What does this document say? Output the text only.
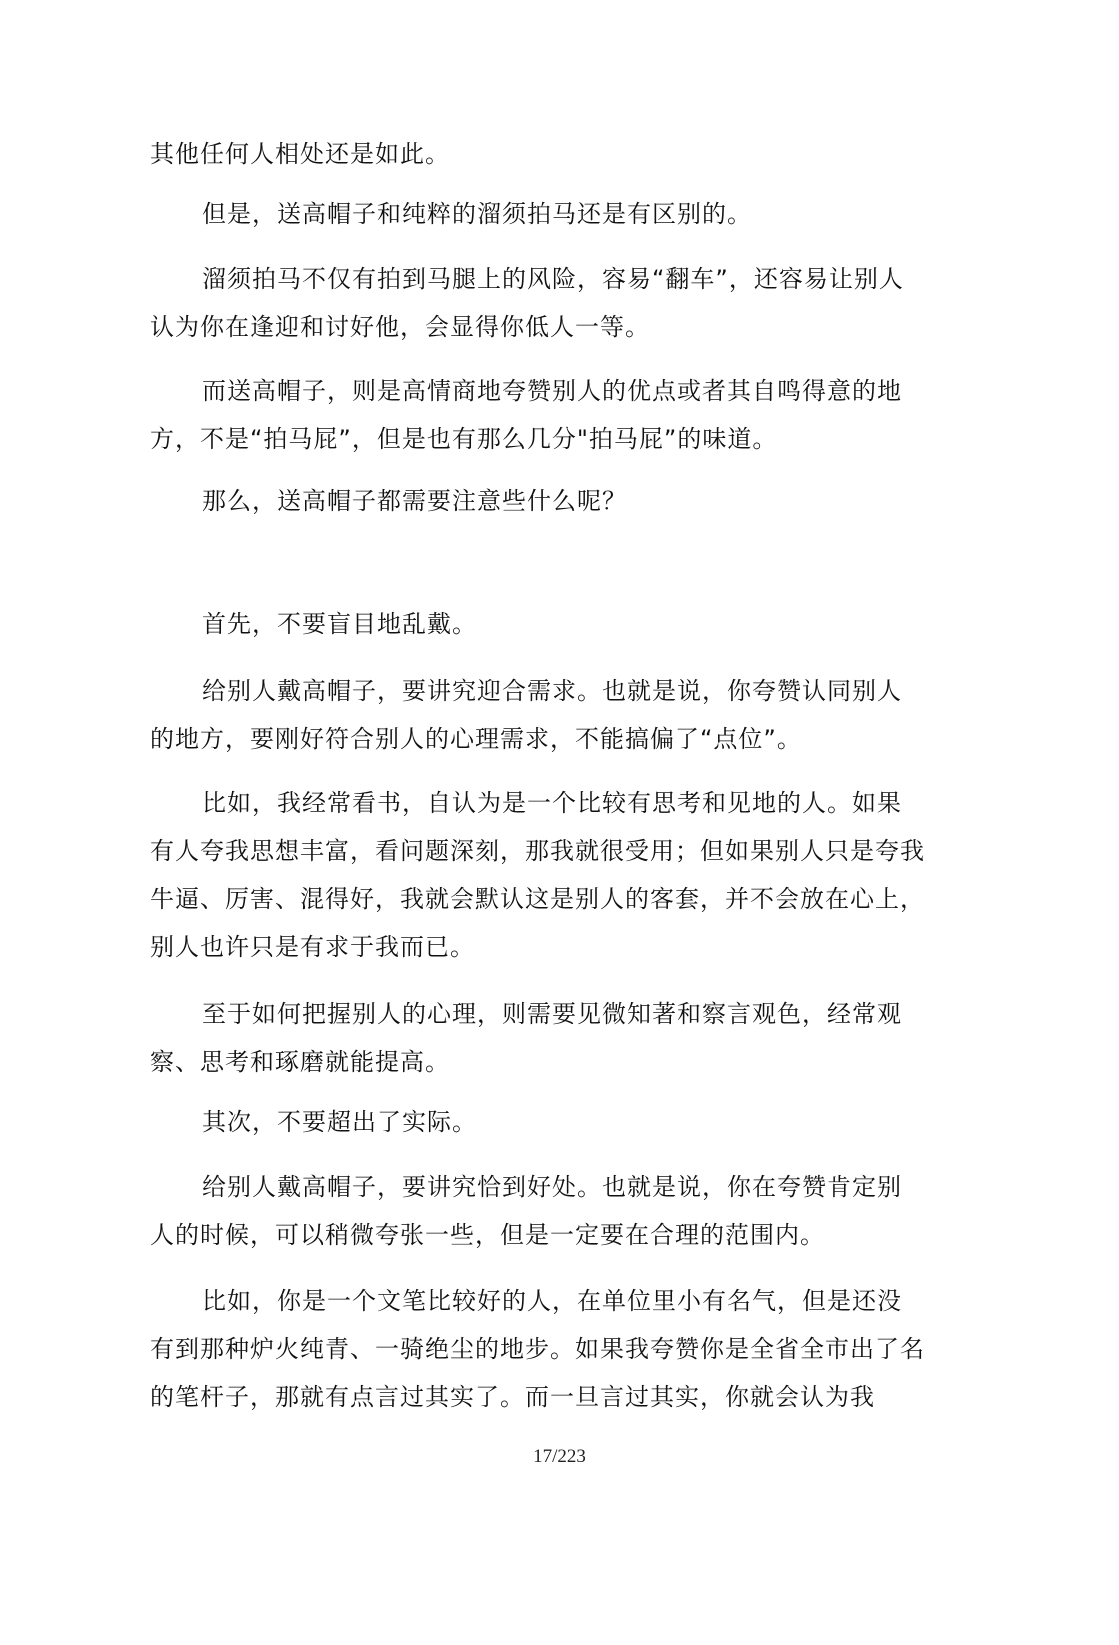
其他任何人相处还是如此。

但是，送高帽子和纯粹的溜须拍马还是有区别的。

溜须拍马不仅有拍到马腿上的风险，容易“翻车”，还容易让别人认为你在逢迎和讨好他，会显得你低人一等。

而送高帽子，则是高情商地夸赞别人的优点或者其自鸣得意的地方，不是“拍马屁”，但是也有那么几分"拍马屁”的味道。

那么，送高帽子都需要注意些什么呢？

首先，不要盲目地乱戴。

给别人戴高帽子，要讲究迎合需求。也就是说，你夸赞认同别人的地方，要刚好符合别人的心理需求，不能搞偏了“点位”。

比如，我经常看书，自认为是一个比较有思考和见地的人。如果有人夸我思想丰富，看问题深刻，那我就很受用；但如果别人只是夸我牛逼、厉害、混得好，我就会默认这是别人的客套，并不会放在心上，别人也许只是有求于我而已。

至于如何把握别人的心理，则需要见微知著和察言观色，经常观察、思考和琢磨就能提高。

其次，不要超出了实际。

给别人戴高帽子，要讲究恰到好处。也就是说，你在夸赞肯定别人的时候，可以稍微夸张一些，但是一定要在合理的范围内。

比如，你是一个文笔比较好的人，在单位里小有名气，但是还没有到那种炉火纯青、一骑绝尘的地步。如果我夸赞你是全省全市出了名的笔杆子，那就有点言过其实了。而一旦言过其实，你就会认为我

17/223
